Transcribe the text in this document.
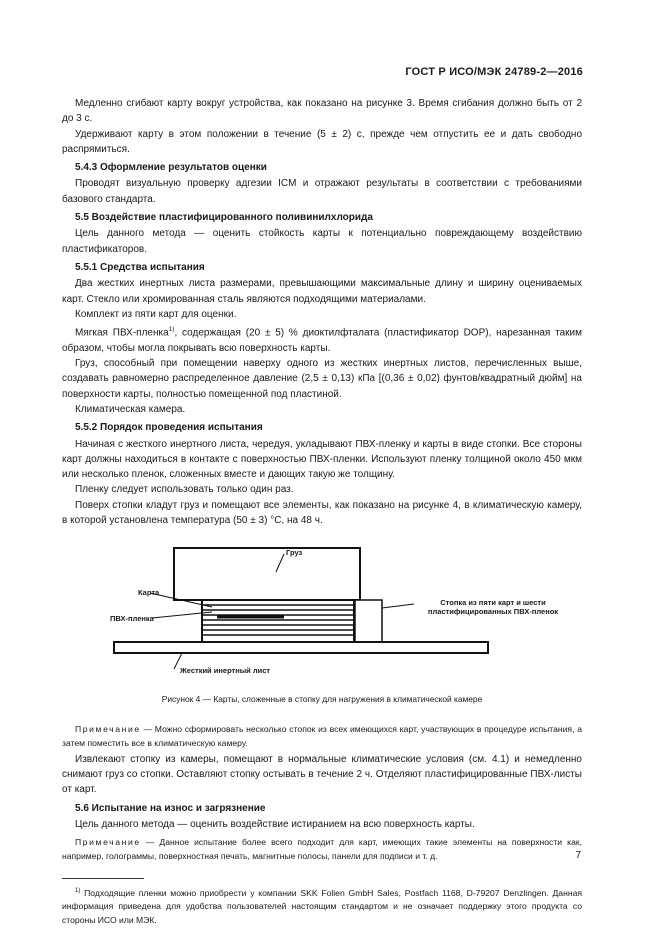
ГОСТ Р ИСО/МЭК 24789-2—2016

Медленно сгибают карту вокруг устройства, как показано на рисунке 3. Время сгибания должно быть от 2 до 3 с.

Удерживают карту в этом положении в течение (5 ± 2) с, прежде чем отпустить ее и дать свободно распрямиться.

5.4.3 Оформление результатов оценки

Проводят визуальную проверку адгезии ICM и отражают результаты в соответствии с требованиями базового стандарта.

5.5 Воздействие пластифицированного поливинилхлорида

Цель данного метода — оценить стойкость карты к потенциально повреждающему воздействию пластификаторов.

5.5.1 Средства испытания

Два жестких инертных листа размерами, превышающими максимальные длину и ширину оцениваемых карт. Стекло или хромированная сталь являются подходящими материалами.

Комплект из пяти карт для оценки.

Мягкая ПВХ-пленка$^{1)}$, содержащая (20 ± 5) % диоктилфталата (пластификатор DOP), нарезанная таким образом, чтобы могла покрывать всю поверхность карты.

Груз, способный при помещении наверху одного из жестких инертных листов, перечисленных выше, создавать равномерно распределенное давление (2,5 ± 0,13) кПа [(0,36 ± 0,02) фунтов/квадратный дюйм] на поверхности карты, полностью помещенной под пластиной.

Климатическая камера.

5.5.2 Порядок проведения испытания

Начиная с жесткого инертного листа, чередуя, укладывают ПВХ-пленку и карты в виде стопки. Все стороны карт должны находиться в контакте с поверхностью ПВХ-пленки. Используют пленку толщиной около 450 мкм или несколько пленок, сложенных вместе и дающих такую же толщину.

Пленку следует использовать только один раз.

Поверх стопки кладут груз и помещают все элементы, как показано на рисунке 4, в климатическую камеру, в которой установлена температура (50 ± 3) °С, на 48 ч.

Груз
Карта
ПВХ-пленка
Стопка из пяти карт и шести пластифицированных ПВХ-пленок
Жесткий инертный лист

Рисунок 4 — Карты, сложенные в стопку для нагружения в климатической камере

Примечание — Можно сформировать несколько стопок из всех имеющихся карт, участвующих в процедуре испытания, а затем поместить все в климатическую камеру.

Извлекают стопку из камеры, помещают в нормальные климатические условия (см. 4.1) и немедленно снимают груз со стопки. Оставляют стопку остывать в течение 2 ч. Отделяют пластифицированные ПВХ-листы от карт.

5.6 Испытание на износ и загрязнение

Цель данного метода — оценить воздействие истиранием на всю поверхность карты.

Примечание — Данное испытание более всего подходит для карт, имеющих такие элементы на поверхности как, например, голограммы, поверхностная печать, магнитные полосы, панели для подписи и т. д.

$^{1)}$ Подходящие пленки можно приобрести у компании SKK Folien GmbH Sales, Postfach 1168, D-79207 Denzlingen. Данная информация приведена для удобства пользователей настоящим стандартом и не означает поддержку этого продукта со стороны ИСО или МЭК.

7
